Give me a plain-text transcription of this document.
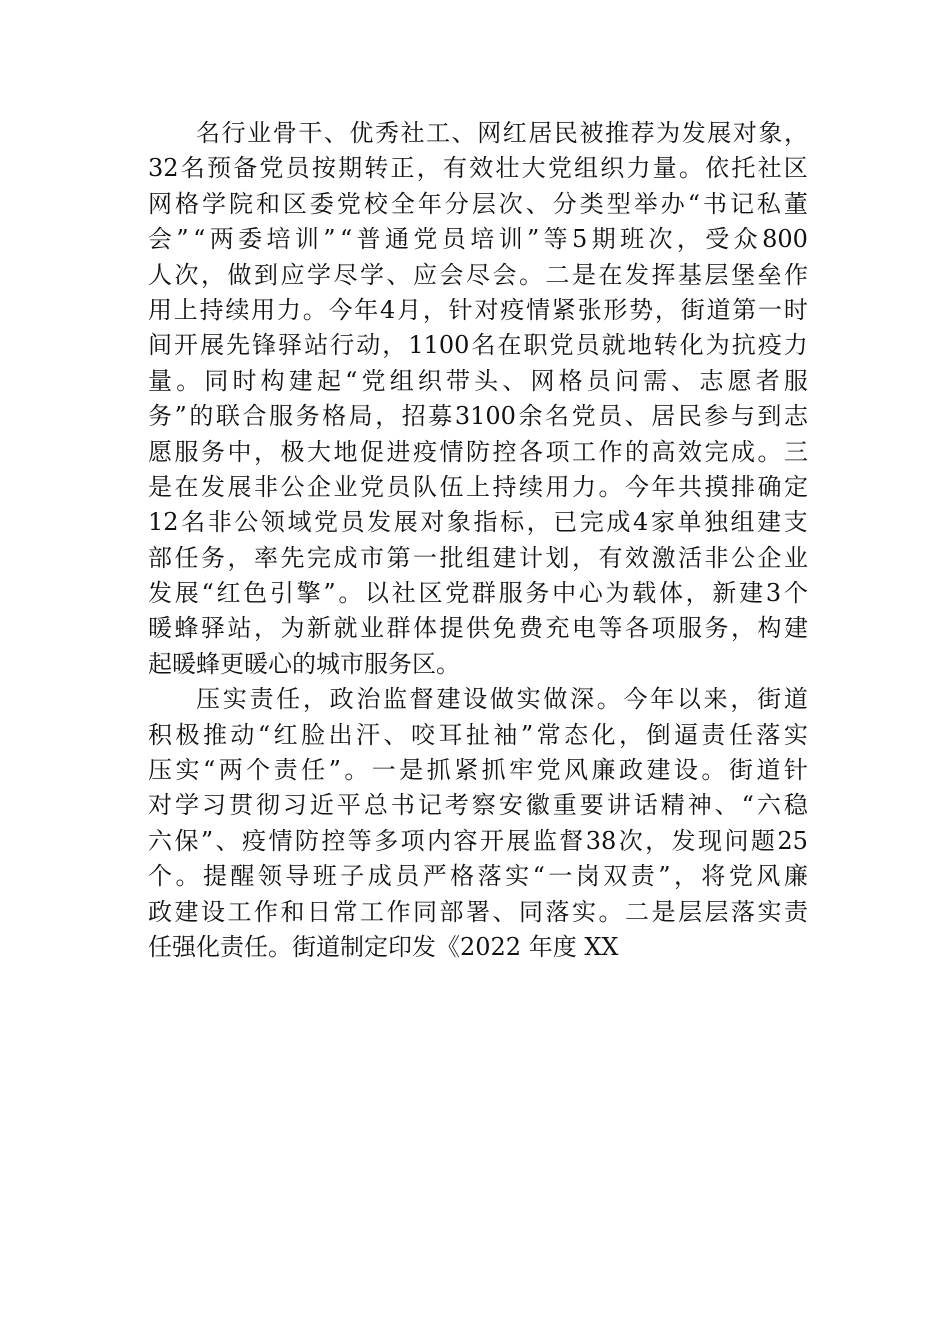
名 行 业 骨 干 、 优 秀 社 工 、 网 红 居 民 被 推 荐 为 发 展 对 象 ，
32 名 预 备 党 员 按 期 转 正 ， 有 效 壮 大 党 组 织 力 量 。 依 托 社 区
网 格 学 院 和 区 委 党 校 全 年 分 层 次 、 分 类 型 举 办 “ 书 记 私 董
会 ” “ 两 委 培 训 ” “ 普 通 党 员 培 训 ” 等 5 期 班 次 ， 受 众 800
人 次 ， 做 到 应 学 尽 学 、 应 会 尽 会 。 二 是 在 发 挥 基 层 堡 垒 作
用 上 持 续 用 力 。 今 年 4 月 ， 针 对 疫 情 紧 张 形 势 ， 街 道 第 一 时
间 开 展 先 锋 驿 站 行 动 ， 1100 名 在 职 党 员 就 地 转 化 为 抗 疫 力
量 。 同 时 构 建 起 “ 党 组 织 带 头 、 网 格 员 问 需 、 志 愿 者 服
务 ” 的 联 合 服 务 格 局 ， 招 募 3100 余 名 党 员 、 居 民 参 与 到 志
愿 服 务 中 ， 极 大 地 促 进 疫 情 防 控 各 项 工 作 的 高 效 完 成 。 三
是 在 发 展 非 公 企 业 党 员 队 伍 上 持 续 用 力 。 今 年 共 摸 排 确 定
12 名 非 公 领 域 党 员 发 展 对 象 指 标 ， 已 完 成 4 家 单 独 组 建 支
部 任 务 ， 率 先 完 成 市 第 一 批 组 建 计 划 ， 有 效 激 活 非 公 企 业
发 展 “ 红 色 引 擎 ” 。 以 社 区 党 群 服 务 中 心 为 载 体 ， 新 建 3 个
暖 蜂 驿 站 ， 为 新 就 业 群 体 提 供 免 费 充 电 等 各 项 服 务 ， 构 建
起暖蜂更暖心的城市服务区。
压 实 责 任 ， 政 治 监 督 建 设 做 实 做 深 。 今 年 以 来 ， 街 道
积 极 推 动 “ 红 脸 出 汗 、 咬 耳 扯 袖 ” 常 态 化 ， 倒 逼 责 任 落 实
压 实 “ 两 个 责 任 ” 。 一 是 抓 紧 抓 牢 党 风 廉 政 建 设 。 街 道 针
对 学 习 贯 彻 习 近 平 总 书 记 考 察 安 徽 重 要 讲 话 精 神 、 “ 六 稳
六 保 ” 、 疫 情 防 控 等 多 项 内 容 开 展 监 督 38 次 ， 发 现 问 题 25
个 。 提 醒 领 导 班 子 成 员 严 格 落 实 “ 一 岗 双 责 ” ， 将 党 风 廉
政 建 设 工 作 和 日 常 工 作 同 部 署 、 同 落 实 。 二 是 层 层 落 实 责
任强化责任。街道制定印发《2022 年度 XX
